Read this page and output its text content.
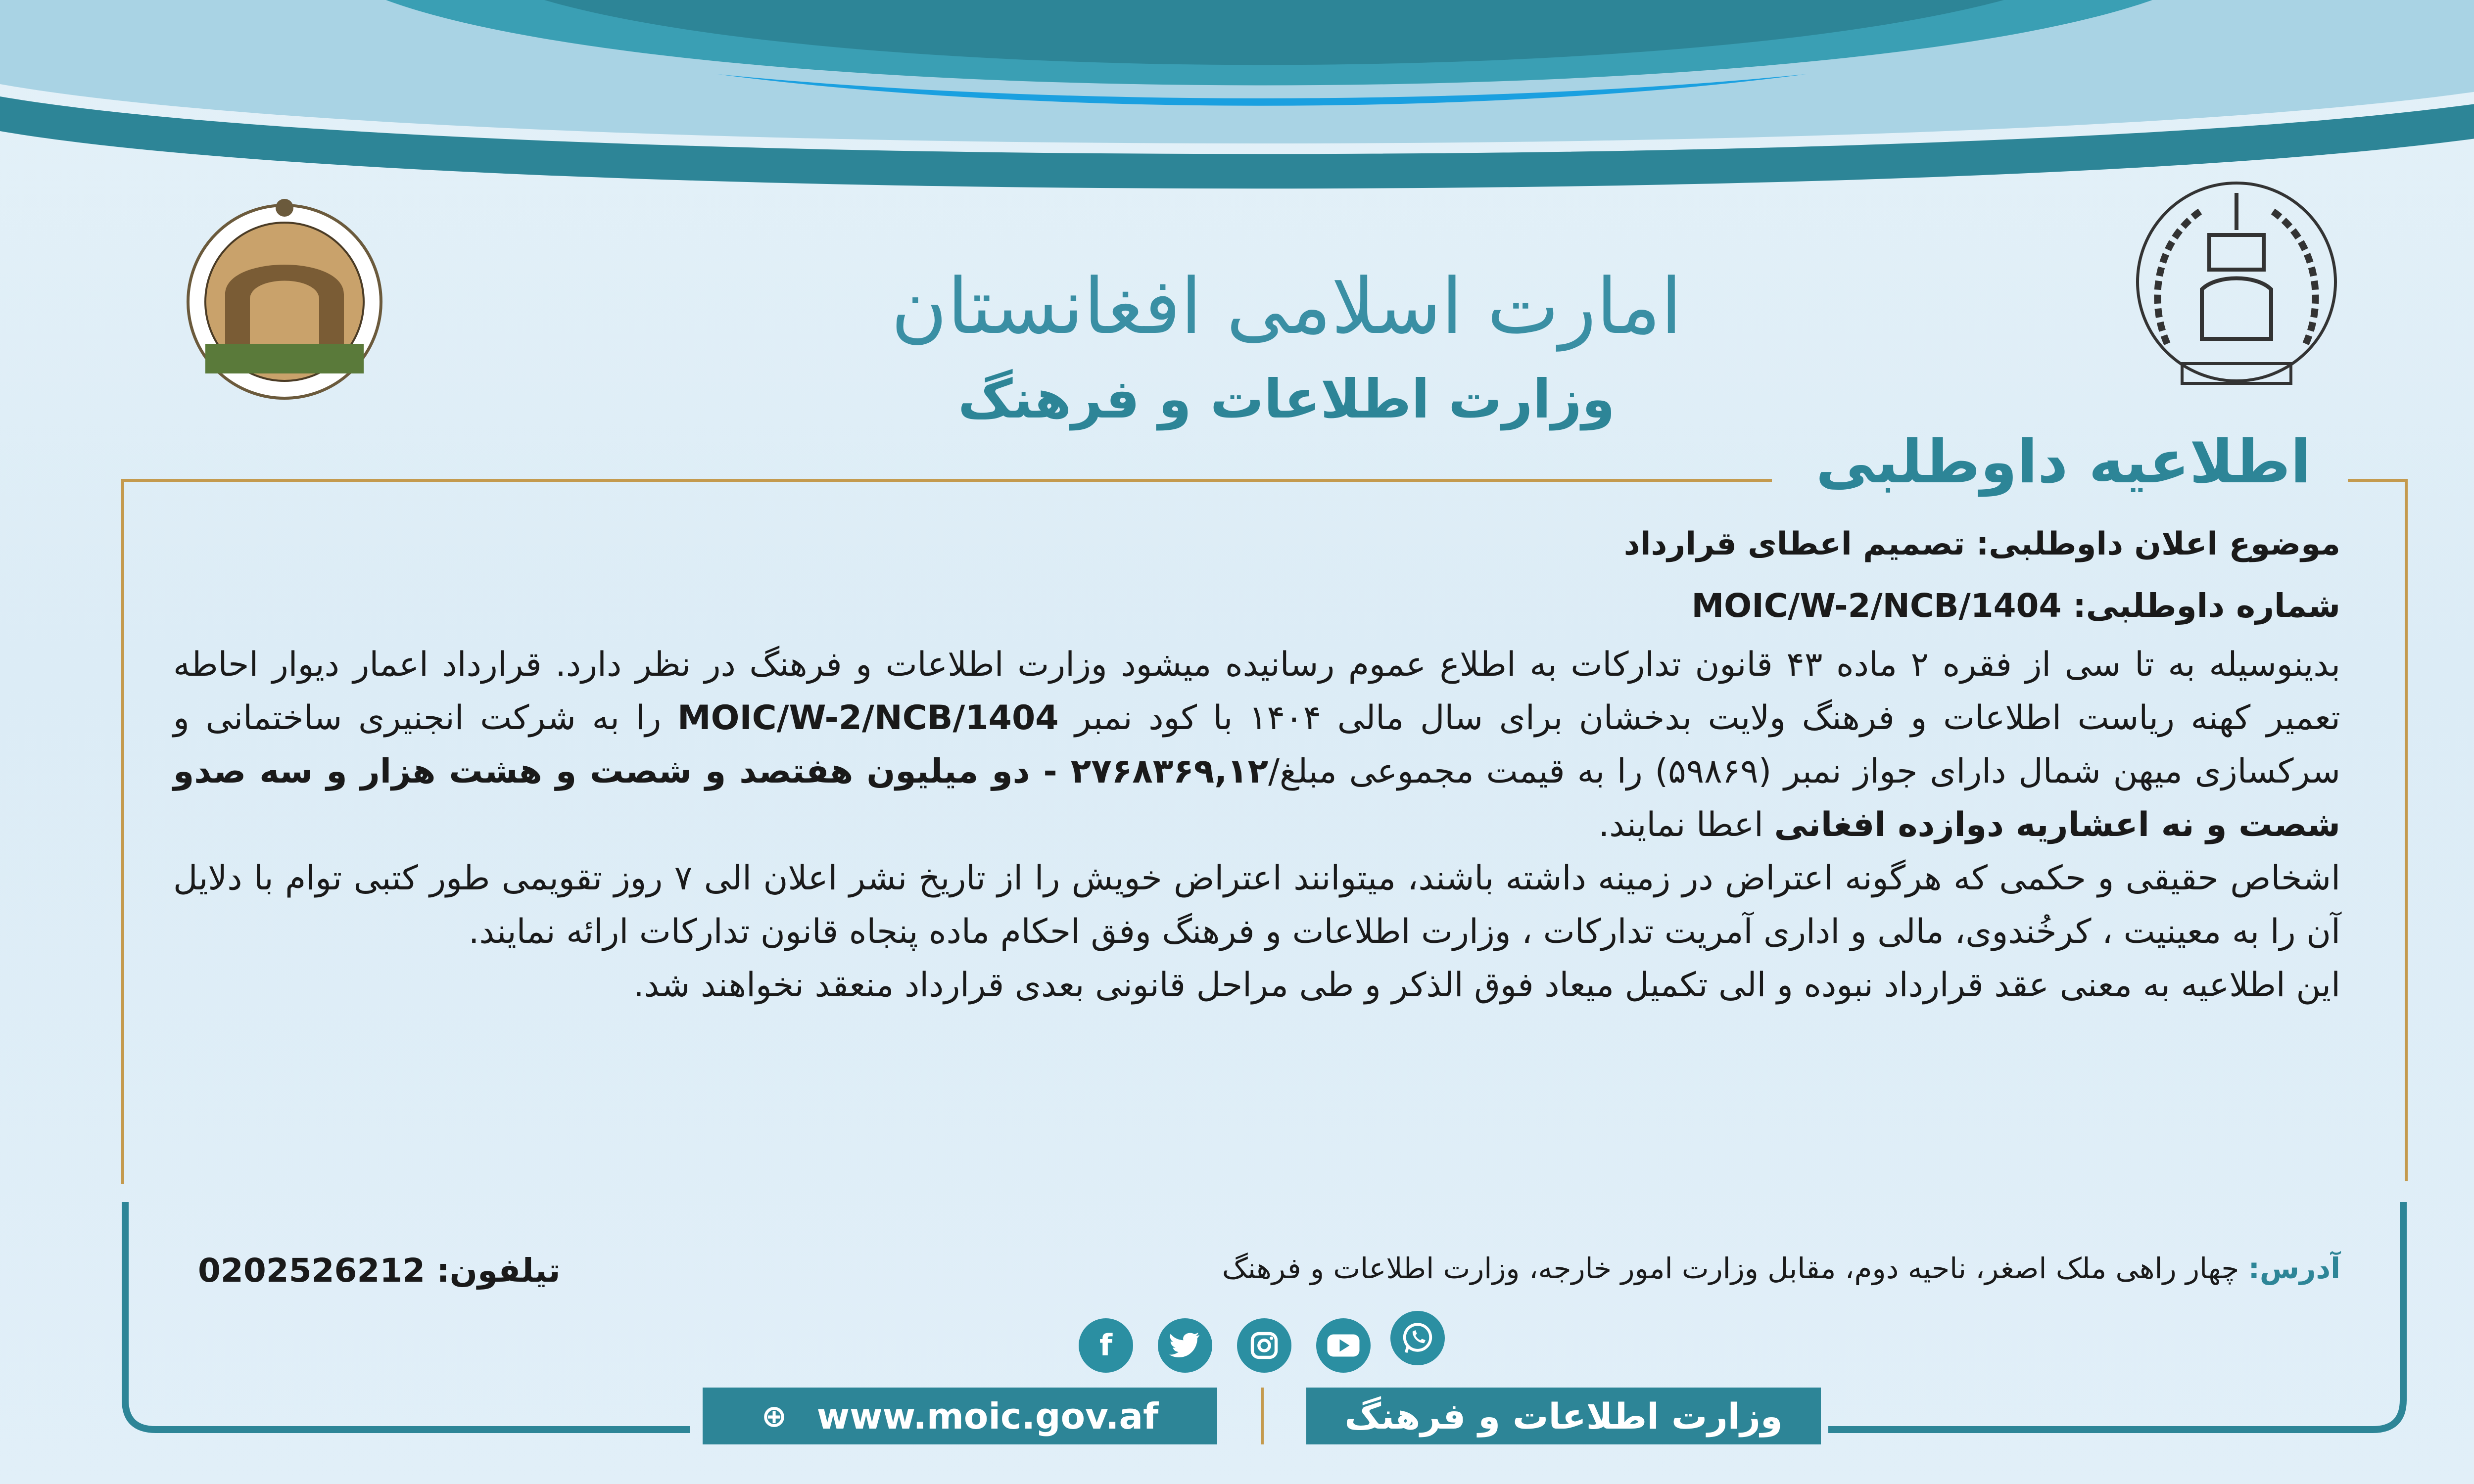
امارت اسلامی افغانستان
وزارت اطلاعات و فرهنگ
اطلاعیه داوطلبی
موضوع اعلان داوطلبی: تصمیم اعطای قرارداد
شماره داوطلبی: MOIC/W-2/NCB/1404

بدینوسیله به تا سی از فقره ۲ ماده ۴۳ قانون تدارکات به اطلاع عموم رسانیده میشود وزارت اطلاعات و فرهنگ در نظر دارد. قرارداد اعمار دیوار احاطه تعمیر کهنه ریاست اطلاعات و فرهنگ ولایت بدخشان برای سال مالی ۱۴۰۴ با کود نمبر MOIC/W-2/NCB/1404 را به شرکت انجنیری ساختمانی و سرکسازی میهن شمال دارای جواز نمبر (۵۹۸۶۹) را به قیمت مجموعی مبلغ/۲۷۶۸۳۶۹,۱۲ - دو میلیون هفتصد و شصت و هشت هزار و سه صدو شصت و نه اعشاریه دوازده افغانی اعطا نمایند.

اشخاص حقیقی و حکمی که هرگونه اعتراض در زمینه داشته باشند، میتوانند اعتراض خویش را از تاریخ نشر اعلان الی ۷ روز تقویمی طور کتبی توام با دلایل آن را به معینیت ، کرخُندوی، مالی و اداری آمریت تدارکات ، وزارت اطلاعات و فرهنگ وفق احکام ماده پنجاه قانون تدارکات ارائه نمایند.

این اطلاعیه به معنی عقد قرارداد نبوده و الی تکمیل میعاد فوق الذکر و طی مراحل قانونی بعدی قرارداد منعقد نخواهند شد.

آدرس: چهار راهی ملک اصغر، ناحیه دوم، مقابل وزارت امور خارجه، وزارت اطلاعات و فرهنگ
تیلفون: 0202526212
f
⊕ www.moic.gov.af	وزارت اطلاعات و فرهنگ
